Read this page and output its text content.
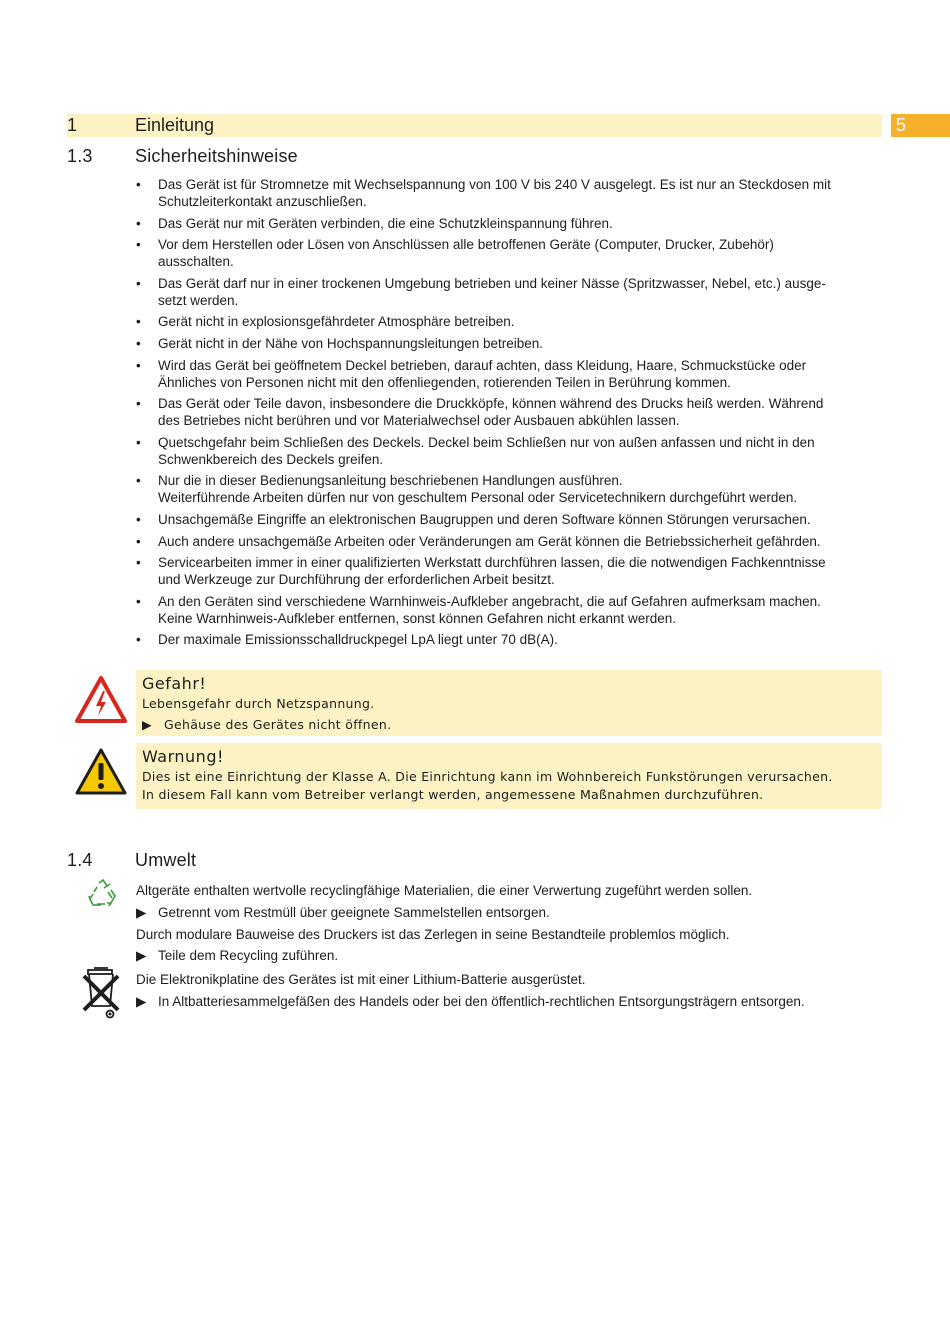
1	Einleitung	5
1.3 Sicherheitshinweise
• Das Gerät ist für Stromnetze mit Wechselspannung von 100 V bis 240 V ausgelegt. Es ist nur an Steckdosen mit
Schutzleiterkontakt anzuschließen.
• Das Gerät nur mit Geräten verbinden, die eine Schutzkleinspannung führen.
• Vor dem Herstellen oder Lösen von Anschlüssen alle betroffenen Geräte (Computer, Drucker, Zubehör)
ausschalten.
• Das Gerät darf nur in einer trockenen Umgebung betrieben und keiner Nässe (Spritzwasser, Nebel, etc.) ausge-
setzt werden.
• Gerät nicht in explosionsgefährdeter Atmosphäre betreiben.
• Gerät nicht in der Nähe von Hochspannungsleitungen betreiben.
• Wird das Gerät bei geöffnetem Deckel betrieben, darauf achten, dass Kleidung, Haare, Schmuckstücke oder
Ähnliches von Personen nicht mit den offenliegenden, rotierenden Teilen in Berührung kommen.
• Das Gerät oder Teile davon, insbesondere die Druckköpfe, können während des Drucks heiß werden. Während
des Betriebes nicht berühren und vor Materialwechsel oder Ausbauen abkühlen lassen.
• Quetschgefahr beim Schließen des Deckels. Deckel beim Schließen nur von außen anfassen und nicht in den
Schwenkbereich des Deckels greifen.
• Nur die in dieser Bedienungsanleitung beschriebenen Handlungen ausführen.
Weiterführende Arbeiten dürfen nur von geschultem Personal oder Servicetechnikern durchgeführt werden.
• Unsachgemäße Eingriffe an elektronischen Baugruppen und deren Software können Störungen verursachen.
• Auch andere unsachgemäße Arbeiten oder Veränderungen am Gerät können die Betriebssicherheit gefährden.
• Servicearbeiten immer in einer qualifizierten Werkstatt durchführen lassen, die die notwendigen Fachkenntnisse
und Werkzeuge zur Durchführung der erforderlichen Arbeit besitzt.
• An den Geräten sind verschiedene Warnhinweis-Aufkleber angebracht, die auf Gefahren aufmerksam machen.
Keine Warnhinweis-Aufkleber entfernen, sonst können Gefahren nicht erkannt werden.
• Der maximale Emissionsschalldruckpegel LpA liegt unter 70 dB(A).
Gefahr!
Lebensgefahr durch Netzspannung.
▶ Gehäuse des Gerätes nicht öffnen.
Warnung!
Dies ist eine Einrichtung der Klasse A. Die Einrichtung kann im Wohnbereich Funkstörungen verursachen.
In diesem Fall kann vom Betreiber verlangt werden, angemessene Maßnahmen durchzuführen.
1.4 Umwelt
Altgeräte enthalten wertvolle recyclingfähige Materialien, die einer Verwertung zugeführt werden sollen.
▶ Getrennt vom Restmüll über geeignete Sammelstellen entsorgen.
Durch modulare Bauweise des Druckers ist das Zerlegen in seine Bestandteile problemlos möglich.
▶ Teile dem Recycling zuführen.
Die Elektronikplatine des Gerätes ist mit einer Lithium-Batterie ausgerüstet.
▶ In Altbatteriesammelgefäßen des Handels oder bei den öffentlich-rechtlichen Entsorgungsträgern entsorgen.
